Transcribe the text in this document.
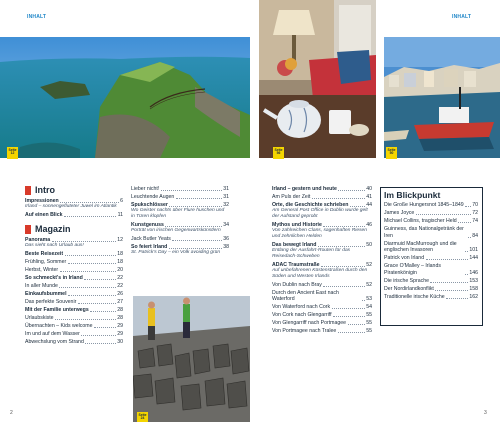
INHALT	INHALT
Seite
12
Seite
56
Seite
50
Seite
24
Intro
Impressionen	6
Irland – sonnengefluteter Juwel im Atlantik
Auf einen Blick	11
Magazin
Panorama	12
Das sieht nach Urlaub aus!
Beste Reisezeit	18
Frühling, Sommer	18
Herbst, Winter	20
So schmeckt's in Irland	22
In aller Munde	22
Einkaufsbummel	26
Das perfekte Souvenir	27
Mit der Familie unterwegs	28
Urlaubskiste	28
Übernachten – Kids welcome	29
Im und auf dem Wasser	29
Abwechslung vom Strand	30
Lieber nicht!	31
Leuchtende Augen	31
Spukschlösser	32
Wo Geister nachts über Flure huschen und in Türen klopfen
Kunstgenuss	34
Porträt von irischen Gegenwartskünstlern
Jack Butler Yeats	36
So feiert Irland	38
St. Patrick's Day – ein Volk avoiding grün
Irland – gestern und heute	40
Am Puls der Zeit	41
Orte, die Geschichte schrieben	44
Am General Post Office in Dublin wurde gelt der Aufstand geprobt
Mythos und Historie	46
Von zahlreichen Clans, sagenhaften Riesen und zehnlichen Helden
Das bewegt Irland	50
Entlang der Ausfahrt-Routen für das Reisedach-Schweben
ADAC Traumstraße	52
Auf unbefahrenen Küstenstraßen durch den Süden und Westen Irlands
Von Dublin nach Bray	52
Durch den Ancient East nach Waterford	53
Von Waterford nach Cork	54
Von Cork nach Glengarriff	55
Von Glengarriff nach Portmagee	55
Von Portmagee nach Tralee	55
Im Blickpunkt
Die Große Hungersnot 1845–1849 70
James Joyce	72
Michael Collins, tragischer Held	74
Guinness, das Nationalgetränk der Iren	84
Diarmuid MacMurrough und die englischen Invasoren	101
Patrick von Irland	144
Grace O'Malley – Irlands Piratenkönigin	146
Die irische Sprache	153
Der Nordirlandkonflikt	158
Traditionelle irische Küche	162
2	3
